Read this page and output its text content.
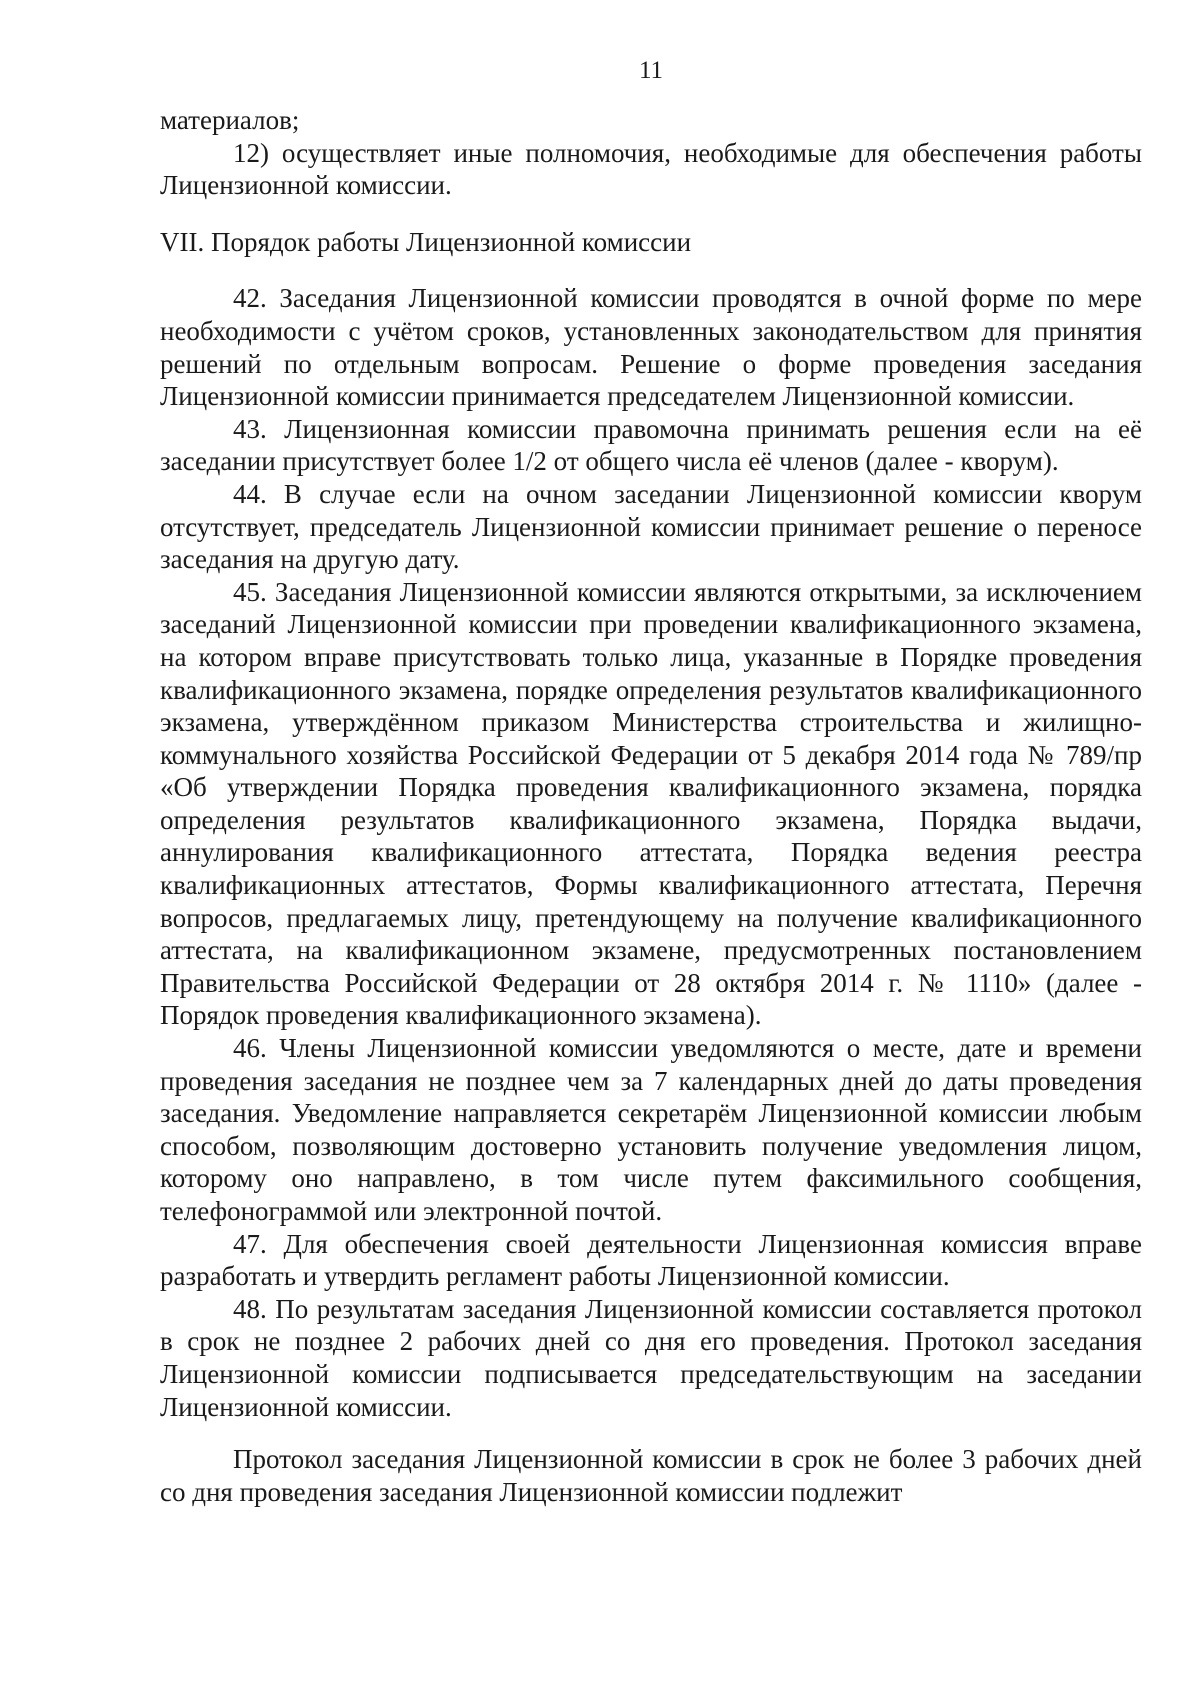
11

материалов;

12) осуществляет иные полномочия, необходимые для обеспечения работы Лицензионной комиссии.

VII. Порядок работы Лицензионной комиссии

42. Заседания Лицензионной комиссии проводятся в очной форме по мере необходимости с учётом сроков, установленных законодательством для принятия решений по отдельным вопросам. Решение о форме проведения заседания Лицензионной комиссии принимается председателем Лицензионной комиссии.

43. Лицензионная комиссии правомочна принимать решения если на её заседании присутствует более 1/2 от общего числа её членов (далее - кворум).

44. В случае если на очном заседании Лицензионной комиссии кворум отсутствует, председатель Лицензионной комиссии принимает решение о переносе заседания на другую дату.

45. Заседания Лицензионной комиссии являются открытыми, за исключением заседаний Лицензионной комиссии при проведении квалификационного экзамена, на котором вправе присутствовать только лица, указанные в Порядке проведения квалификационного экзамена, порядке определения результатов квалификационного экзамена, утверждённом приказом Министерства строительства и жилищно-коммунального хозяйства Российской Федерации от 5 декабря 2014 года № 789/пр «Об утверждении Порядка проведения квалификационного экзамена, порядка определения результатов квалификационного экзамена, Порядка выдачи, аннулирования квалификационного аттестата, Порядка ведения реестра квалификационных аттестатов, Формы квалификационного аттестата, Перечня вопросов, предлагаемых лицу, претендующему на получение квалификационного аттестата, на квалификационном экзамене, предусмотренных постановлением Правительства Российской Федерации от 28 октября 2014 г. № 1110» (далее - Порядок проведения квалификационного экзамена).

46. Члены Лицензионной комиссии уведомляются о месте, дате и времени проведения заседания не позднее чем за 7 календарных дней до даты проведения заседания. Уведомление направляется секретарём Лицензионной комиссии любым способом, позволяющим достоверно установить получение уведомления лицом, которому оно направлено, в том числе путем факсимильного сообщения, телефонограммой или электронной почтой.

47. Для обеспечения своей деятельности Лицензионная комиссия вправе разработать и утвердить регламент работы Лицензионной комиссии.

48. По результатам заседания Лицензионной комиссии составляется протокол в срок не позднее 2 рабочих дней со дня его проведения. Протокол заседания Лицензионной комиссии подписывается председательствующим на заседании Лицензионной комиссии.

Протокол заседания Лицензионной комиссии в срок не более 3 рабочих дней со дня проведения заседания Лицензионной комиссии подлежит
